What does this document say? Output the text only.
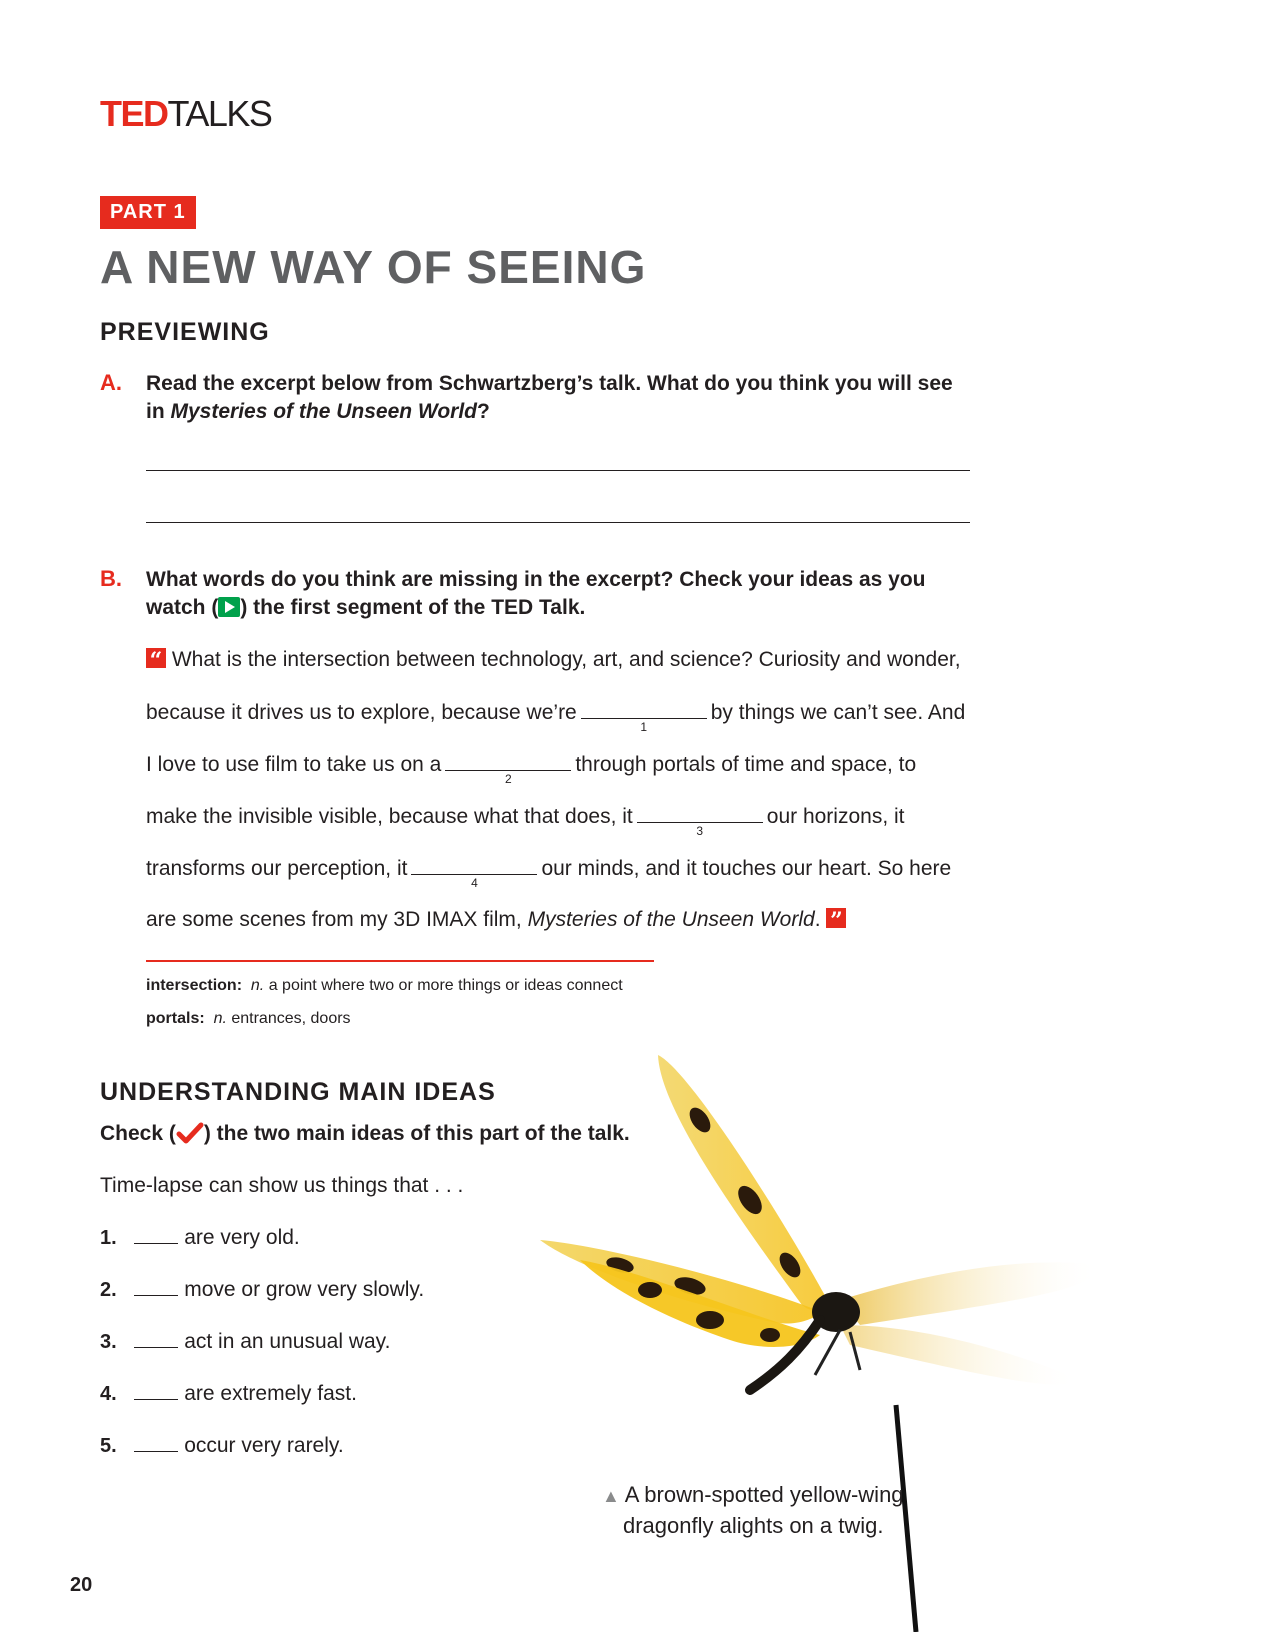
TEDTALKS
PART 1
A NEW WAY OF SEEING
PREVIEWING
A. Read the excerpt below from Schwartzberg’s talk. What do you think you will see
in Mysteries of the Unseen World?
B. What words do you think are missing in the excerpt? Check your ideas as you
watch ( ) the first segment of the TED Talk.
“ What is the intersection between technology, art, and science? Curiosity and wonder,
because it drives us to explore, because we’re
1
by things we can’t see. And
I love to use film to take us on a
2
through portals of time and space, to
make the invisible visible, because what that does, it
3
our horizons, it
transforms our perception, it
4
our minds, and it touches our heart. So here
are some scenes from my 3D IMAX film, Mysteries of the Unseen World. ”
intersection: n. a point where two or more things or ideas connect
portals: n. entrances, doors
UNDERSTANDING MAIN IDEAS
Check ( ) the two main ideas of this part of the talk.
Time-lapse can show us things that . . .
1.	are very old.
2.	move or grow very slowly.
3.	act in an unusual way.
4.	are extremely fast.
5.	occur very rarely.
▲ A brown-spotted yellow-wing
dragonfly alights on a twig.
20
